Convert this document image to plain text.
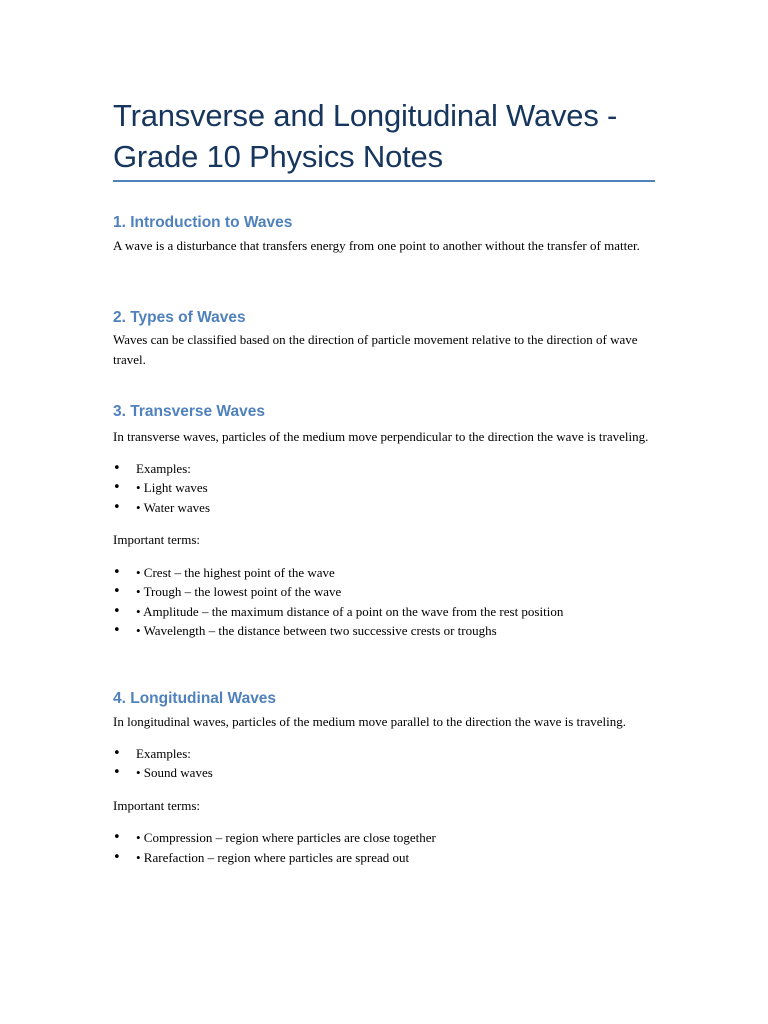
Transverse and Longitudinal Waves - Grade 10 Physics Notes
1. Introduction to Waves

A wave is a disturbance that transfers energy from one point to another without the transfer of matter.

2. Types of Waves

Waves can be classified based on the direction of particle movement relative to the direction of wave travel.

3. Transverse Waves

In transverse waves, particles of the medium move perpendicular to the direction the wave is traveling.

• Examples:
• • Light waves
• • Water waves

Important terms:

• • Crest – the highest point of the wave
• • Trough – the lowest point of the wave
• • Amplitude – the maximum distance of a point on the wave from the rest position
• • Wavelength – the distance between two successive crests or troughs
4. Longitudinal Waves

In longitudinal waves, particles of the medium move parallel to the direction the wave is traveling.

• Examples:
• • Sound waves

Important terms:

• • Compression – region where particles are close together
• • Rarefaction – region where particles are spread out
